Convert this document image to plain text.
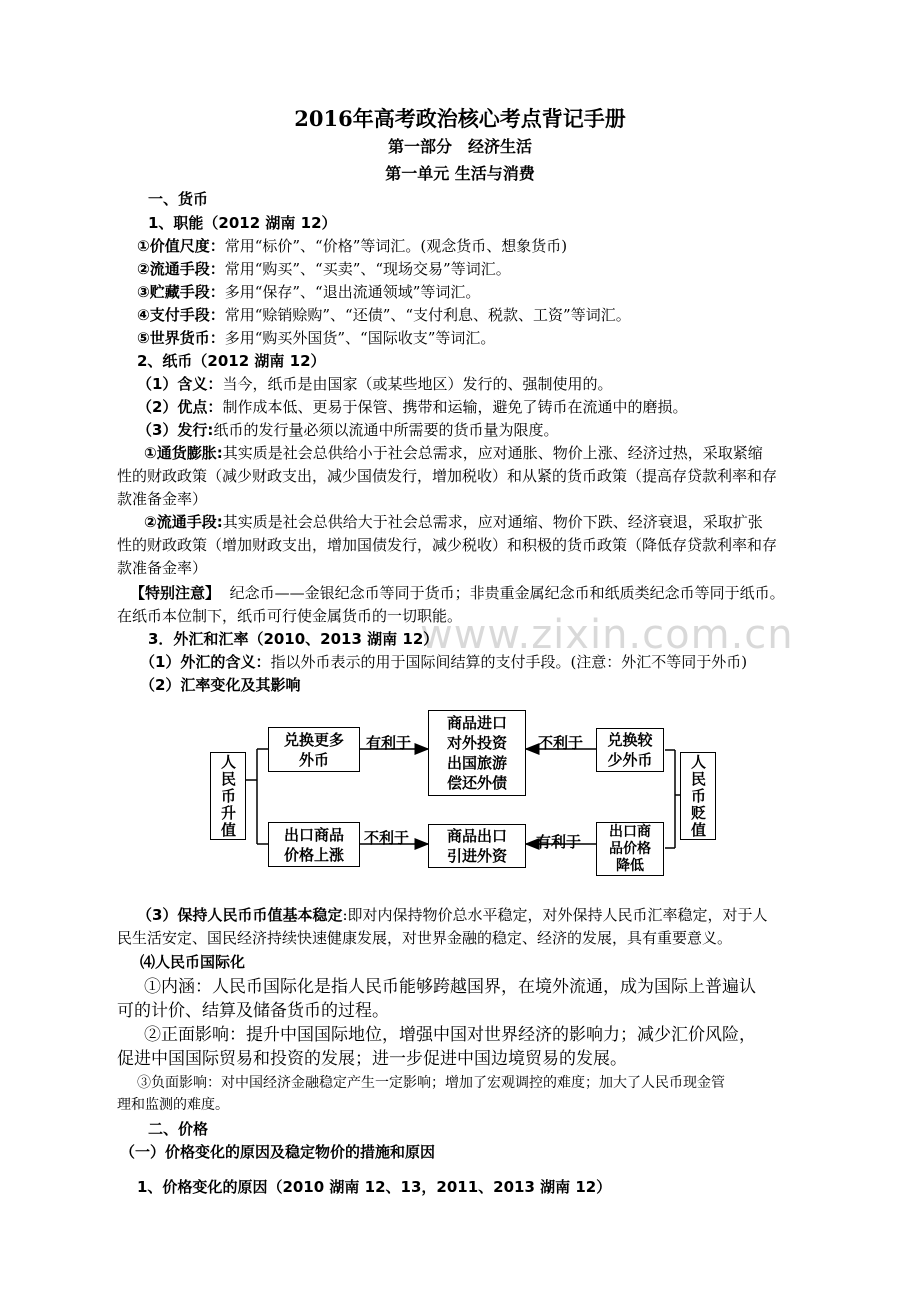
www.zixin.com.cn
2016年高考政治核心考点背记手册
第一部分　经济生活
第一单元 生活与消费
一、货币
1、职能（2012 湖南 12）
①价值尺度：常用“标价”、“价格”等词汇。(观念货币、想象货币)
②流通手段：常用“购买”、“买卖”、“现场交易”等词汇。
③贮藏手段：多用“保存”、“退出流通领域”等词汇。
④支付手段：常用“赊销赊购”、“还债”、“支付利息、税款、工资”等词汇。
⑤世界货币：多用“购买外国货”、“国际收支”等词汇。
2、纸币（2012 湖南 12）
（1）含义：当今，纸币是由国家（或某些地区）发行的、强制使用的。
（2）优点：制作成本低、更易于保管、携带和运输，避免了铸币在流通中的磨损。
（3）发行:纸币的发行量必须以流通中所需要的货币量为限度。
①通货膨胀:其实质是社会总供给小于社会总需求，应对通胀、物价上涨、经济过热，采取紧缩
性的财政政策（减少财政支出，减少国债发行，增加税收）和从紧的货币政策（提高存贷款利率和存
款准备金率）
②流通手段:其实质是社会总供给大于社会总需求，应对通缩、物价下跌、经济衰退，采取扩张
性的财政政策（增加财政支出，增加国债发行，减少税收）和积极的货币政策（降低存贷款利率和存
款准备金率）
【特别注意】 纪念币——金银纪念币等同于货币；非贵重金属纪念币和纸质类纪念币等同于纸币。
在纸币本位制下，纸币可行使金属货币的一切职能。
3．外汇和汇率（2010、2013 湖南 12）
（1）外汇的含义：指以外币表示的用于国际间结算的支付手段。(注意：外汇不等同于外币)
（2）汇率变化及其影响
人民币升值
兑换更多
外币
出口商品
价格上涨
有利于
不利于
商品进口
对外投资
出国旅游
偿还外债
商品出口
引进外资
不利于
有利于
兑换较
少外币
出口商
品价格
降低
人民币贬值
（3）保持人民币币值基本稳定:即对内保持物价总水平稳定，对外保持人民币汇率稳定，对于人
民生活安定、国民经济持续快速健康发展，对世界金融的稳定、经济的发展，具有重要意义。
⑷人民币国际化
①内涵：人民币国际化是指人民币能够跨越国界，在境外流通，成为国际上普遍认
可的计价、结算及储备货币的过程。
②正面影响：提升中国国际地位，增强中国对世界经济的影响力；减少汇价风险，
促进中国国际贸易和投资的发展；进一步促进中国边境贸易的发展。
③负面影响：对中国经济金融稳定产生一定影响；增加了宏观调控的难度；加大了人民币现金管
理和监测的难度。
二、价格
（一）价格变化的原因及稳定物价的措施和原因
1、价格变化的原因（2010 湖南 12、13，2011、2013 湖南 12）
